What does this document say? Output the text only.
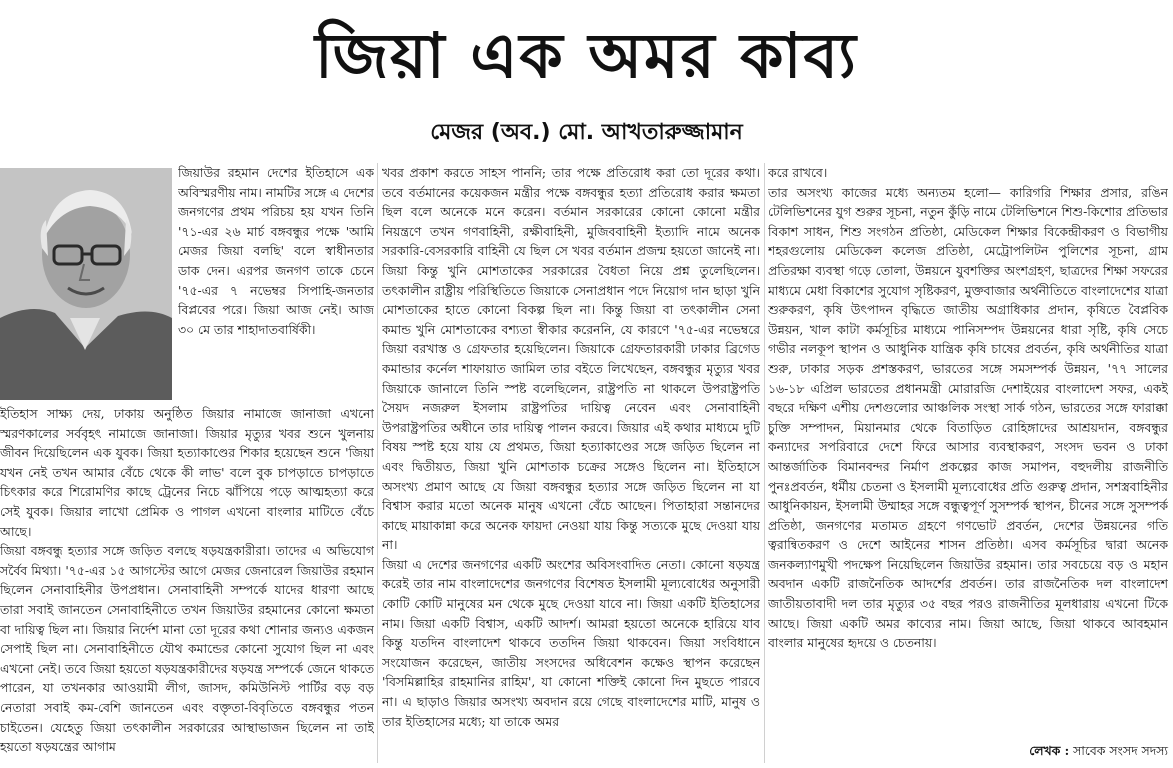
জিয়া এক অমর কাব্য
মেজর (অব.) মো. আখতারুজ্জামান

জিয়াউর রহমান দেশের ইতিহাসে এক অবিস্মরণীয় নাম। নামটির সঙ্গে এ দেশের জনগণের প্রথম পরিচয় হয় যখন তিনি '৭১-এর ২৬ মার্চ বঙ্গবন্ধুর পক্ষে 'আমি মেজর জিয়া বলছি' বলে স্বাধীনতার ডাক দেন। এরপর জনগণ তাকে চেনে '৭৫-এর ৭ নভেম্বর সিপাহি-জনতার বিপ্লবের পরে। জিয়া আজ নেই। আজ ৩০ মে তার শাহাদাতবার্ষিকী।

ইতিহাস সাক্ষ্য দেয়, ঢাকায় অনুষ্ঠিত জিয়ার নামাজে জানাজা এখনো স্মরণকালের সর্ববৃহৎ নামাজে জানাজা। জিয়ার মৃত্যুর খবর শুনে খুলনায় জীবন দিয়েছিলেন এক যুবক। জিয়া হত্যাকাণ্ডের শিকার হয়েছেন শুনে 'জিয়া যখন নেই তখন আমার বেঁচে থেকে কী লাভ' বলে বুক চাপড়াতে চাপড়াতে চিৎকার করে শিরোমণির কাছে ট্রেনের নিচে ঝাঁপিয়ে পড়ে আত্মহত্যা করে সেই যুবক। জিয়ার লাখো প্রেমিক ও পাগল এখনো বাংলার মাটিতে বেঁচে আছে।

জিয়া বঙ্গবন্ধু হত্যার সঙ্গে জড়িত বলছে ষড়যন্ত্রকারীরা। তাদের এ অভিযোগ সর্বৈব মিথ্যা। '৭৫-এর ১৫ আগস্টের আগে মেজর জেনারেল জিয়াউর রহমান ছিলেন সেনাবাহিনীর উপপ্রধান। সেনাবাহিনী সম্পর্কে যাদের ধারণা আছে তারা সবাই জানতেন সেনাবাহিনীতে তখন জিয়াউর রহমানের কোনো ক্ষমতা বা দায়িত্ব ছিল না। জিয়ার নির্দেশ মানা তো দূরের কথা শোনার জন্যও একজন সেপাই ছিল না। সেনাবাহিনীতে যৌথ কমান্ডের কোনো সুযোগ ছিল না এবং এখনো নেই। তবে জিয়া হয়তো ষড়যন্ত্রকারীদের ষড়যন্ত্র সম্পর্কে জেনে থাকতে পারেন, যা তখনকার আওয়ামী লীগ, জাসদ, কমিউনিস্ট পার্টির বড় বড় নেতারা সবাই কম-বেশি জানতেন এবং বক্তৃতা-বিবৃতিতে বঙ্গবন্ধুর পতন চাইতেন। যেহেতু জিয়া তৎকালীন সরকারের আস্থাভাজন ছিলেন না তাই হয়তো ষড়যন্ত্রের আগাম

খবর প্রকাশ করতে সাহস পাননি; তার পক্ষে প্রতিরোধ করা তো দূরের কথা। তবে বর্তমানের কয়েকজন মন্ত্রীর পক্ষে বঙ্গবন্ধুর হত্যা প্রতিরোধ করার ক্ষমতা ছিল বলে অনেকে মনে করেন। বর্তমান সরকারের কোনো কোনো মন্ত্রীর নিয়ন্ত্রণে তখন গণবাহিনী, রক্ষীবাহিনী, মুজিববাহিনী ইত্যাদি নামে অনেক সরকারি-বেসরকারি বাহিনী যে ছিল সে খবর বর্তমান প্রজন্ম হয়তো জানেই না। জিয়া কিন্তু খুনি মোশতাকের সরকারের বৈধতা নিয়ে প্রশ্ন তুলেছিলেন। তৎকালীন রাষ্ট্রীয় পরিস্থিতিতে জিয়াকে সেনাপ্রধান পদে নিয়োগ দান ছাড়া খুনি মোশতাকের হাতে কোনো বিকল্প ছিল না। কিন্তু জিয়া বা তৎকালীন সেনা কমান্ড খুনি মোশতাকের বশ্যতা স্বীকার করেননি, যে কারণে '৭৫-এর নভেম্বরে জিয়া বরখাস্ত ও গ্রেফতার হয়েছিলেন। জিয়াকে গ্রেফতারকারী ঢাকার ব্রিগেড কমান্ডার কর্নেল শাফায়াত জামিল তার বইতে লিখেছেন, বঙ্গবন্ধুর মৃত্যুর খবর জিয়াকে জানালে তিনি স্পষ্ট বলেছিলেন, রাষ্ট্রপতি না থাকলে উপরাষ্ট্রপতি সৈয়দ নজরুল ইসলাম রাষ্ট্রপতির দায়িত্ব নেবেন এবং সেনাবাহিনী উপরাষ্ট্রপতির অধীনে তার দায়িত্ব পালন করবে। জিয়ার এই কথার মাধ্যমে দুটি বিষয় স্পষ্ট হয়ে যায় যে প্রথমত, জিয়া হত্যাকাণ্ডের সঙ্গে জড়িত ছিলেন না এবং দ্বিতীয়ত, জিয়া খুনি মোশতাক চক্রের সঙ্গেও ছিলেন না। ইতিহাসে অসংখ্য প্রমাণ আছে যে জিয়া বঙ্গবন্ধুর হত্যার সঙ্গে জড়িত ছিলেন না যা বিশ্বাস করার মতো অনেক মানুষ এখনো বেঁচে আছেন। পিতাহারা সন্তানদের কাছে মায়াকান্না করে অনেক ফায়দা নেওয়া যায় কিন্তু সত্যকে মুছে দেওয়া যায় না।

জিয়া এ দেশের জনগণের একটি অংশের অবিসংবাদিত নেতা। কোনো ষড়যন্ত্র করেই তার নাম বাংলাদেশের জনগণের বিশেষত ইসলামী মূল্যবোধের অনুসারী কোটি কোটি মানুষের মন থেকে মুছে দেওয়া যাবে না। জিয়া একটি ইতিহাসের নাম। জিয়া একটি বিশ্বাস, একটি আদর্শ। আমরা হয়তো অনেকে হারিয়ে যাব কিন্তু যতদিন বাংলাদেশ থাকবে ততদিন জিয়া থাকবেন। জিয়া সংবিধানে সংযোজন করেছেন, জাতীয় সংসদের অধিবেশন কক্ষেও স্থাপন করেছেন 'বিসমিল্লাহির রাহমানির রাহিম', যা কোনো শক্তিই কোনো দিন মুছতে পারবে না। এ ছাড়াও জিয়ার অসংখ্য অবদান রয়ে গেছে বাংলাদেশের মাটি, মানুষ ও তার ইতিহাসের মধ্যে; যা তাকে অমর

করে রাখবে।

তার অসংখ্য কাজের মধ্যে অন্যতম হলো— কারিগরি শিক্ষার প্রসার, রঙিন টেলিভিশনের যুগ শুরুর সূচনা, নতুন কুঁড়ি নামে টেলিভিশনে শিশু-কিশোর প্রতিভার বিকাশ সাধন, শিশু সংগঠন প্রতিষ্ঠা, মেডিকেল শিক্ষার বিকেন্দ্রীকরণ ও বিভাগীয় শহরগুলোয় মেডিকেল কলেজ প্রতিষ্ঠা, মেট্রোপলিটন পুলিশের সূচনা, গ্রাম প্রতিরক্ষা ব্যবস্থা গড়ে তোলা, উন্নয়নে যুবশক্তির অংশগ্রহণ, ছাত্রদের শিক্ষা সফরের মাধ্যমে মেধা বিকাশের সুযোগ সৃষ্টিকরণ, মুক্তবাজার অর্থনীতিতে বাংলাদেশের যাত্রা শুরুকরণ, কৃষি উৎপাদন বৃদ্ধিতে জাতীয় অগ্রাধিকার প্রদান, কৃষিতে বৈপ্লবিক উন্নয়ন, খাল কাটা কর্মসূচির মাধ্যমে পানিসম্পদ উন্নয়নের ধারা সৃষ্টি, কৃষি সেচে গভীর নলকূপ স্থাপন ও আধুনিক যান্ত্রিক কৃষি চাষের প্রবর্তন, কৃষি অর্থনীতির যাত্রা শুরু, ঢাকার সড়ক প্রশস্তকরণ, ভারতের সঙ্গে সমসম্পর্ক উন্নয়ন, '৭৭ সালের ১৬-১৮ এপ্রিল ভারতের প্রধানমন্ত্রী মোরারজি দেশাইয়ের বাংলাদেশ সফর, একই বছরে দক্ষিণ এশীয় দেশগুলোর আঞ্চলিক সংস্থা সার্ক গঠন, ভারতের সঙ্গে ফারাক্কা চুক্তি সম্পাদন, মিয়ানমার থেকে বিতাড়িত রোহিঙ্গাদের আশ্রয়দান, বঙ্গবন্ধুর কন্যাদের সপরিবারে দেশে ফিরে আসার ব্যবস্থাকরণ, সংসদ ভবন ও ঢাকা আন্তর্জাতিক বিমানবন্দর নির্মাণ প্রকল্পের কাজ সমাপন, বহুদলীয় রাজনীতি পুনঃপ্রবর্তন, ধর্মীয় চেতনা ও ইসলামী মূল্যবোধের প্রতি গুরুত্ব প্রদান, সশস্ত্রবাহিনীর আধুনিকায়ন, ইসলামী উম্মাহর সঙ্গে বন্ধুত্বপূর্ণ সুসম্পর্ক স্থাপন, চীনের সঙ্গে সুসম্পর্ক প্রতিষ্ঠা, জনগণের মতামত গ্রহণে গণভোট প্রবর্তন, দেশের উন্নয়নের গতি ত্বরান্বিতকরণ ও দেশে আইনের শাসন প্রতিষ্ঠা। এসব কর্মসূচির দ্বারা অনেক জনকল্যাণমুখী পদক্ষেপ নিয়েছিলেন জিয়াউর রহমান। তার সবচেয়ে বড় ও মহান অবদান একটি রাজনৈতিক আদর্শের প্রবর্তন। তার রাজনৈতিক দল বাংলাদেশ জাতীয়তাবাদী দল তার মৃত্যুর ৩৫ বছর পরও রাজনীতির মূলধারায় এখনো টিকে আছে। জিয়া একটি অমর কাব্যের নাম। জিয়া আছে, জিয়া থাকবে আবহমান বাংলার মানুষের হৃদয়ে ও চেতনায়।

লেখক : সাবেক সংসদ সদস্য
